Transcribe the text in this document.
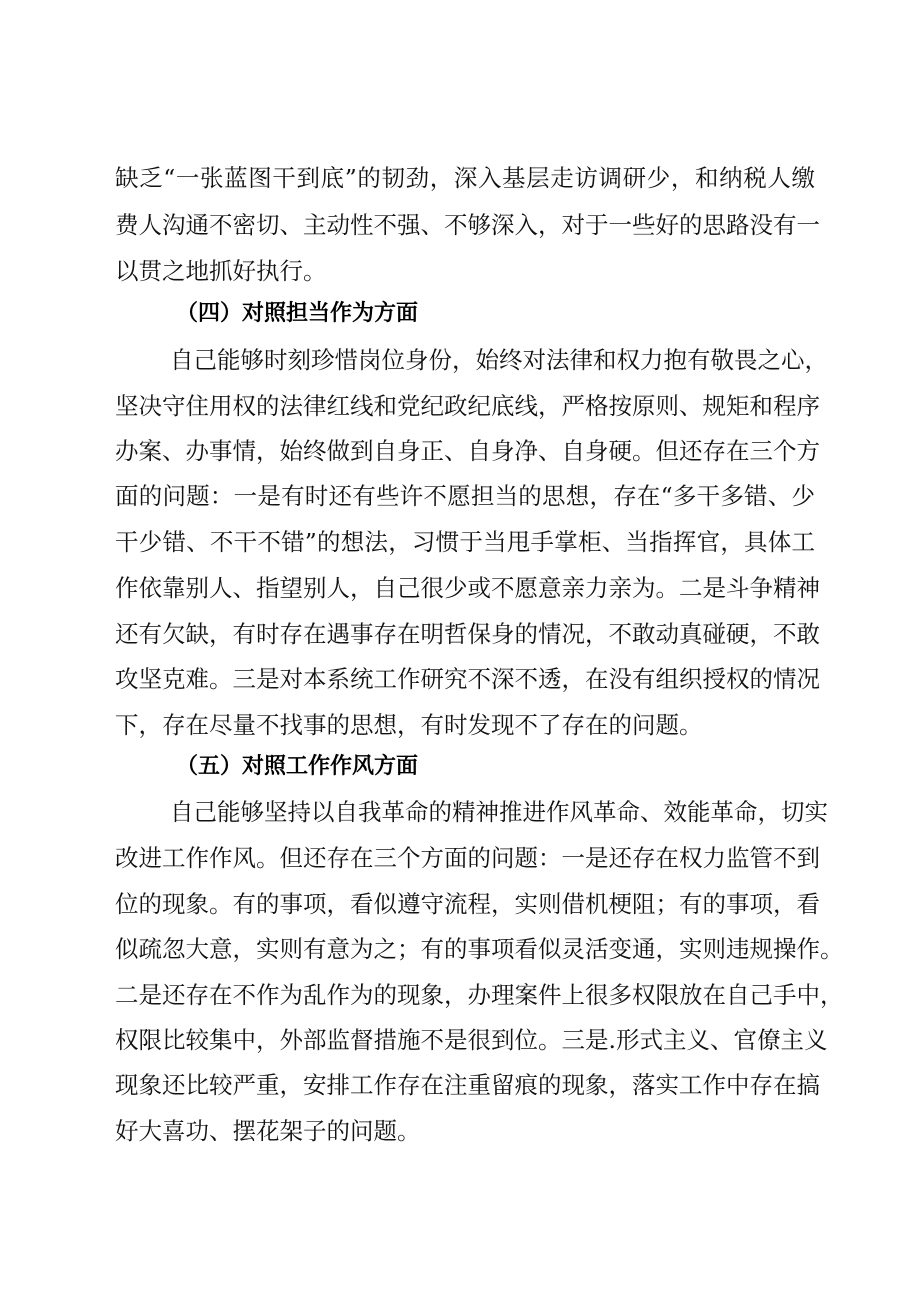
缺乏“一张蓝图干到底”的韧劲，深入基层走访调研少，和纳税人缴
费人沟通不密切、主动性不强、不够深入，对于一些好的思路没有一
以贯之地抓好执行。
（四）对照担当作为方面
自己能够时刻珍惜岗位身份，始终对法律和权力抱有敬畏之心，
坚决守住用权的法律红线和党纪政纪底线，严格按原则、规矩和程序
办案、办事情，始终做到自身正、自身净、自身硬。但还存在三个方
面的问题：一是有时还有些许不愿担当的思想，存在“多干多错、少
干少错、不干不错”的想法，习惯于当甩手掌柜、当指挥官，具体工
作依靠别人、指望别人，自己很少或不愿意亲力亲为。二是斗争精神
还有欠缺，有时存在遇事存在明哲保身的情况，不敢动真碰硬，不敢
攻坚克难。三是对本系统工作研究不深不透，在没有组织授权的情况
下，存在尽量不找事的思想，有时发现不了存在的问题。
（五）对照工作作风方面
自己能够坚持以自我革命的精神推进作风革命、效能革命，切实
改进工作作风。但还存在三个方面的问题：一是还存在权力监管不到
位的现象。有的事项，看似遵守流程，实则借机梗阻；有的事项，看
似疏忽大意，实则有意为之；有的事项看似灵活变通，实则违规操作。
二是还存在不作为乱作为的现象，办理案件上很多权限放在自己手中，
权限比较集中，外部监督措施不是很到位。三是.形式主义、官僚主义
现象还比较严重，安排工作存在注重留痕的现象，落实工作中存在搞
好大喜功、摆花架子的问题。
